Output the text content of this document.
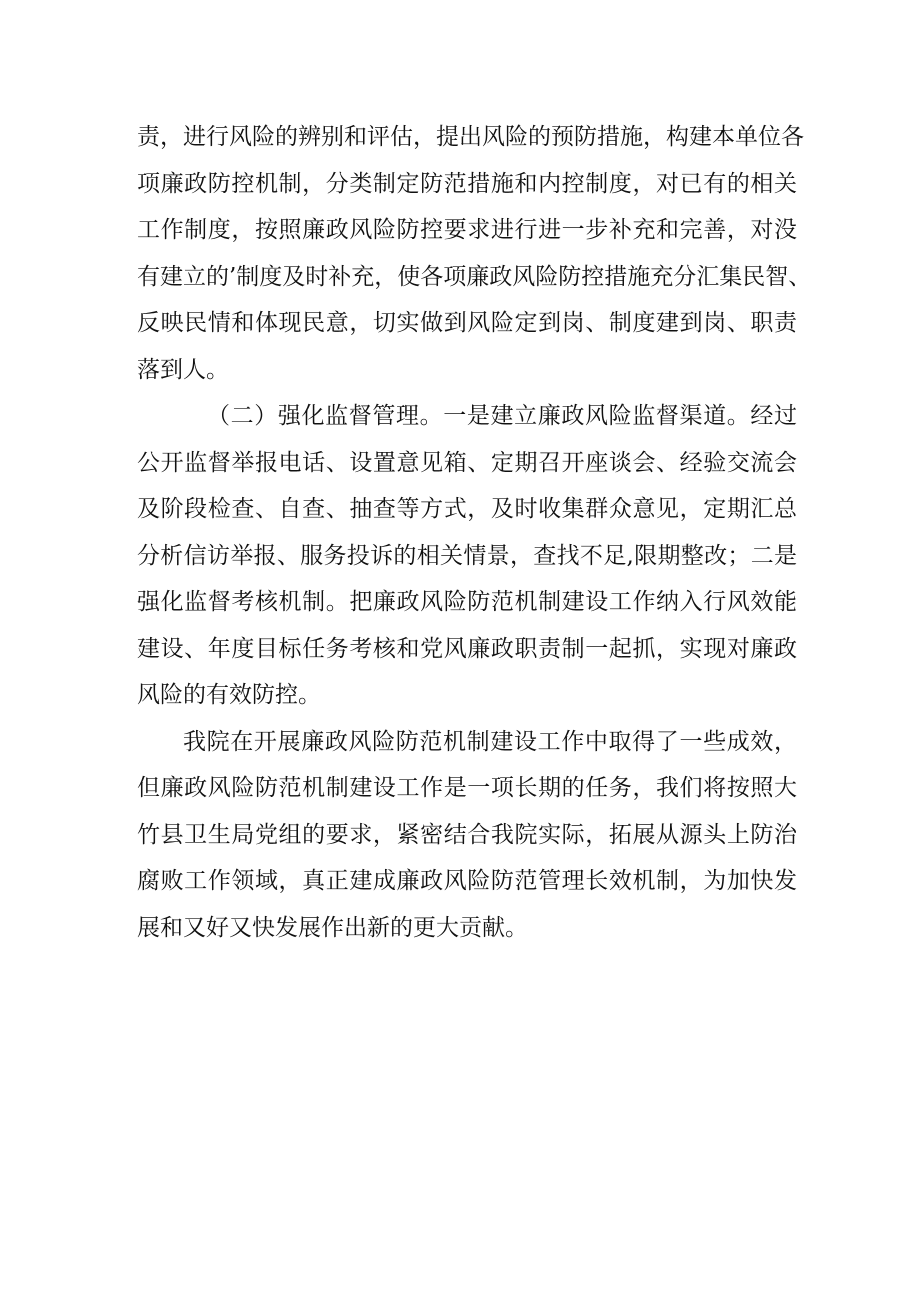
责，进行风险的辨别和评估，提出风险的预防措施，构建本单位各
项廉政防控机制，分类制定防范措施和内控制度，对已有的相关
工作制度，按照廉政风险防控要求进行进一步补充和完善，对没
有建立的’制度及时补充，使各项廉政风险防控措施充分汇集民智、
反映民情和体现民意，切实做到风险定到岗、制度建到岗、职责
落到人。
（二）强化监督管理。一是建立廉政风险监督渠道。经过
公开监督举报电话、设置意见箱、定期召开座谈会、经验交流会
及阶段检查、自查、抽查等方式，及时收集群众意见，定期汇总
分析信访举报、服务投诉的相关情景，查找不足,限期整改；二是
强化监督考核机制。把廉政风险防范机制建设工作纳入行风效能
建设、年度目标任务考核和党风廉政职责制一起抓，实现对廉政
风险的有效防控。
我院在开展廉政风险防范机制建设工作中取得了一些成效，
但廉政风险防范机制建设工作是一项长期的任务，我们将按照大
竹县卫生局党组的要求，紧密结合我院实际，拓展从源头上防治
腐败工作领域，真正建成廉政风险防范管理长效机制，为加快发
展和又好又快发展作出新的更大贡献。
